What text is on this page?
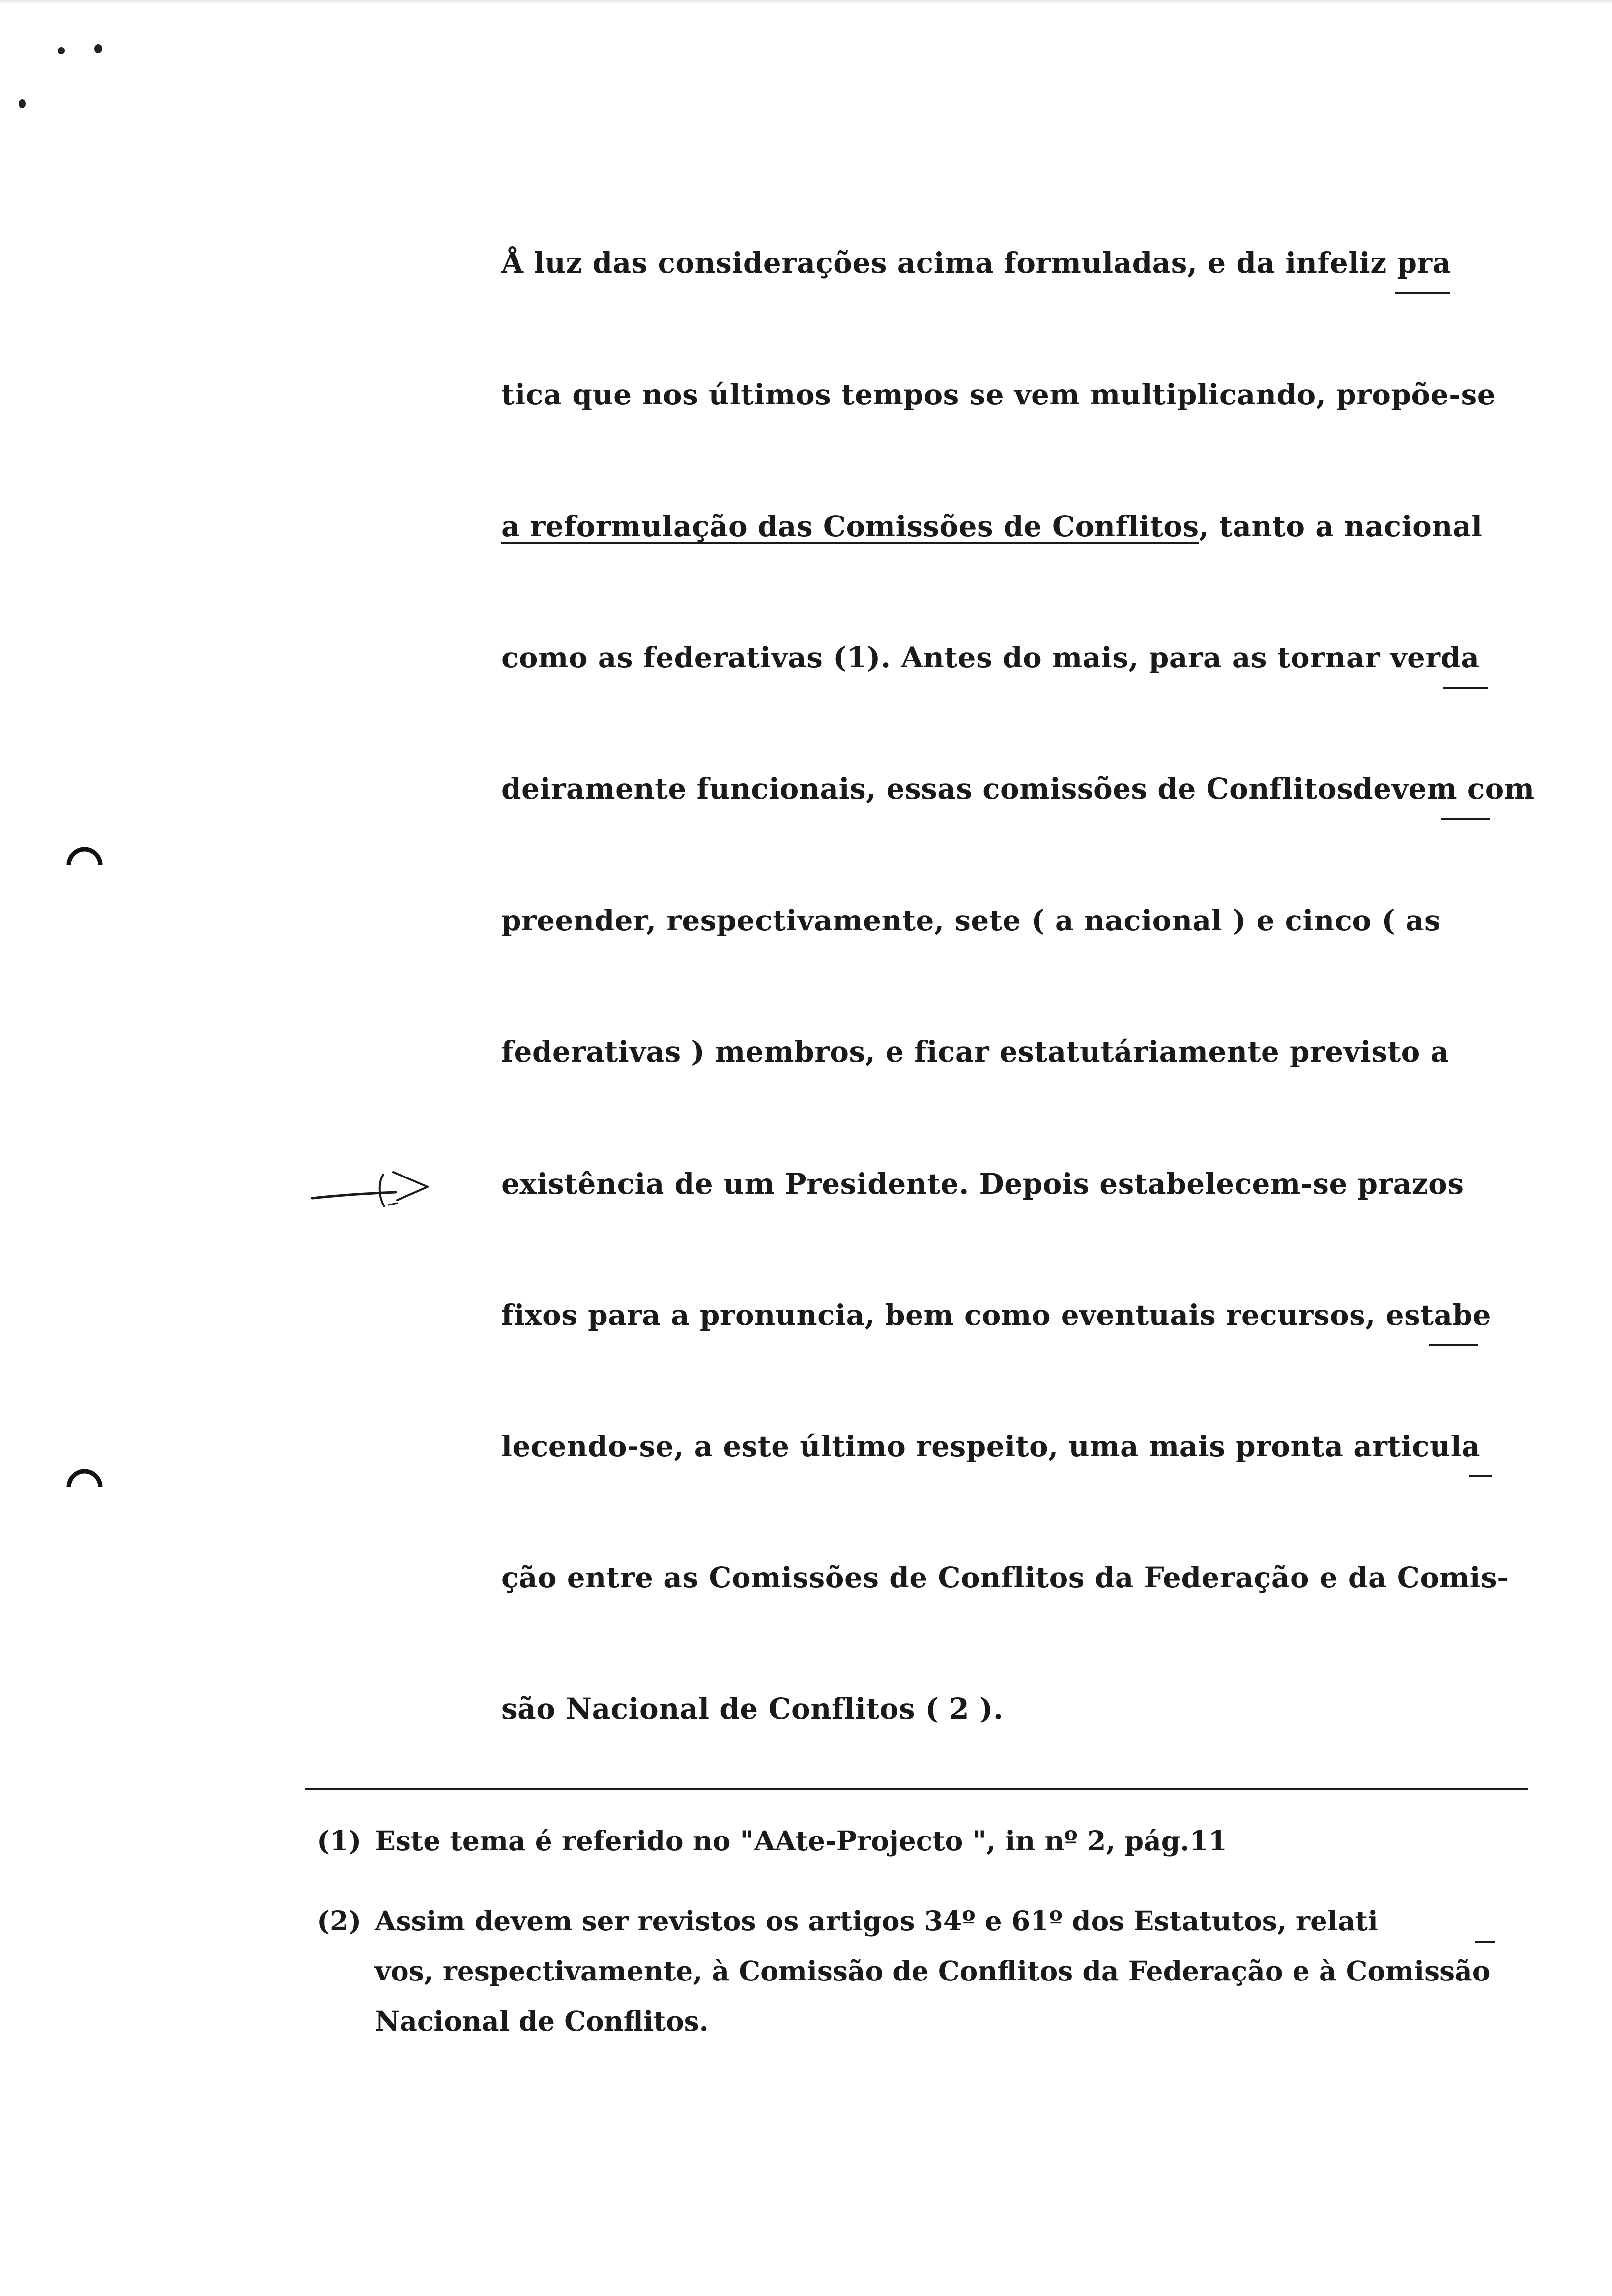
Å luz das considerações acima formuladas, e da infeliz pra

tica que nos últimos tempos se vem multiplicando, propõe-se

a reformulação das Comissões de Conflitos, tanto a nacional

como as federativas (1). Antes do mais, para as tornar verda

deiramente funcionais, essas comissões de Conflitosdevem com

preender, respectivamente, sete ( a nacional ) e cinco ( as

federativas ) membros, e ficar estatutáriamente previsto a

existência de um Presidente. Depois estabelecem-se prazos

fixos para a pronuncia, bem como eventuais recursos, estabe

lecendo-se, a este último respeito, uma mais pronta articula

ção entre as Comissões de Conflitos da Federação e da Comis-

são Nacional de Conflitos ( 2 ).

(1) Este tema é referido no "AAte-Projecto ", in nº 2, pág.11
(2) Assim devem ser revistos os artigos 34º e 61º dos Estatutos, relati
vos, respectivamente, à Comissão de Conflitos da Federação e à Comissão
Nacional de Conflitos.
